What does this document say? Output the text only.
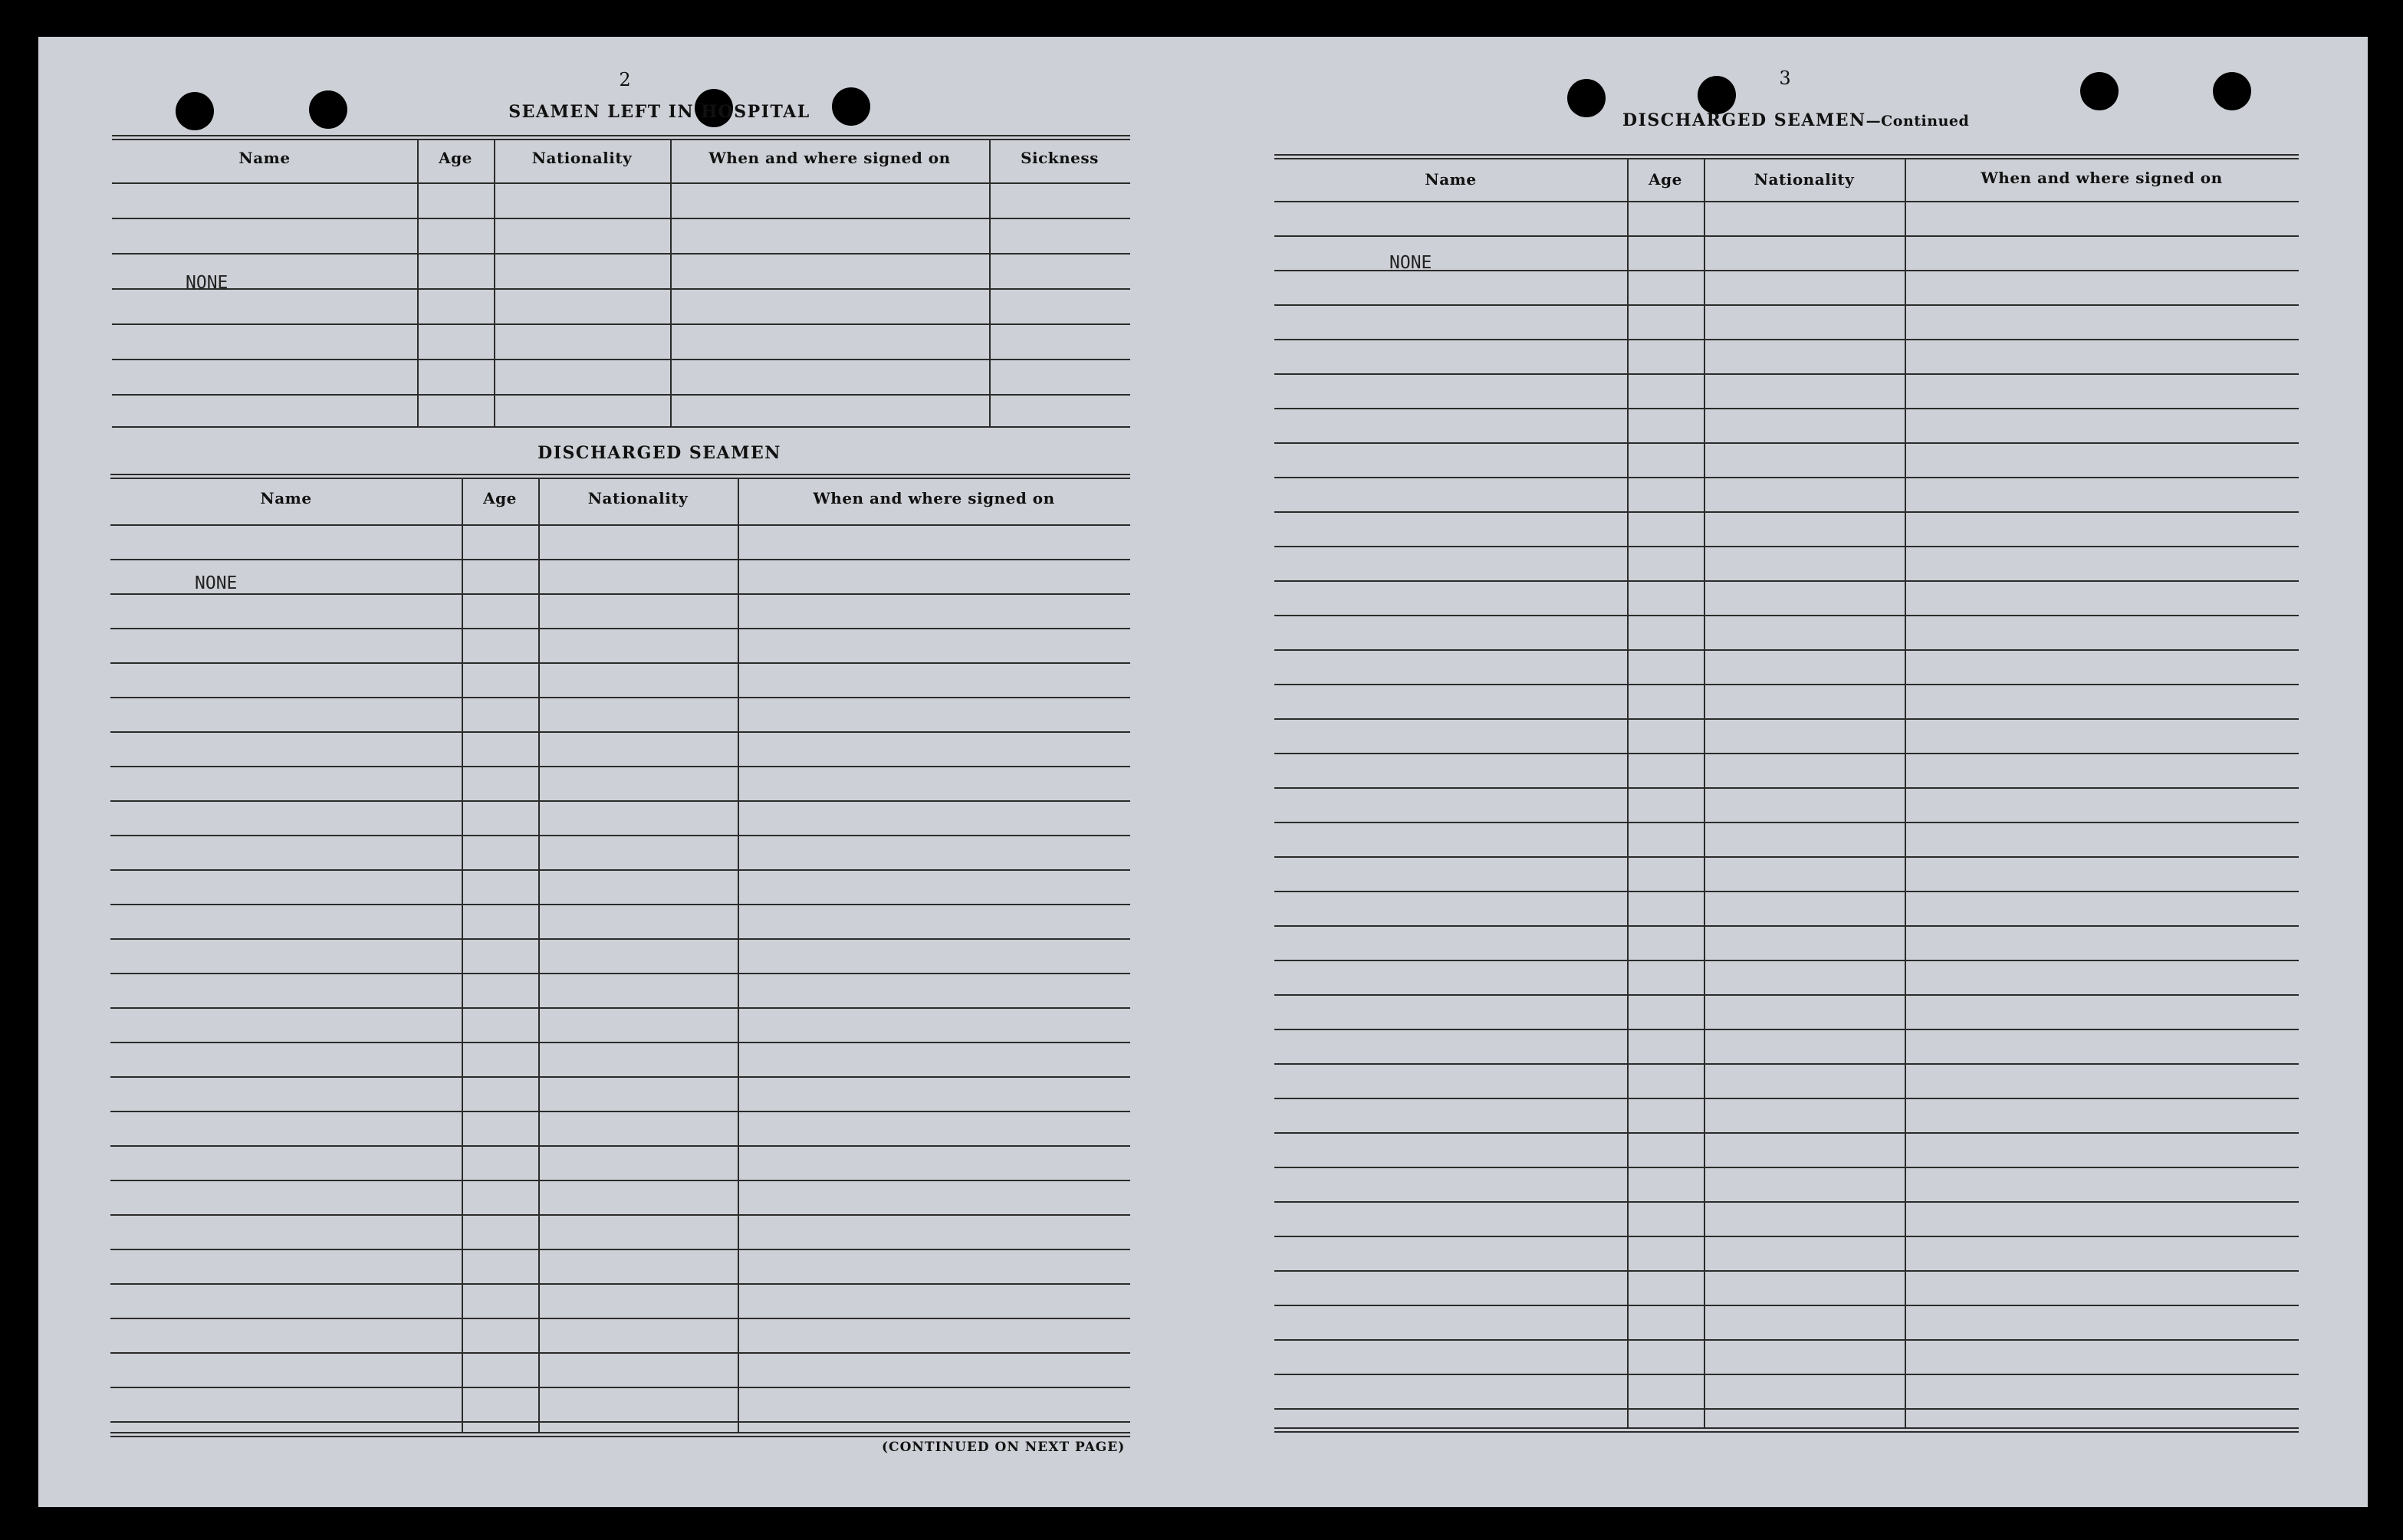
2
SEAMEN LEFT IN HOSPITAL
Name	Age	Nationality	When and where signed on	Sickness
NONE
DISCHARGED SEAMEN
Name	Age	Nationality	When and where signed on
NONE
(CONTINUED ON NEXT PAGE)
3
DISCHARGED SEAMEN—Continued
Name	Age	Nationality	When and where signed on
NONE
